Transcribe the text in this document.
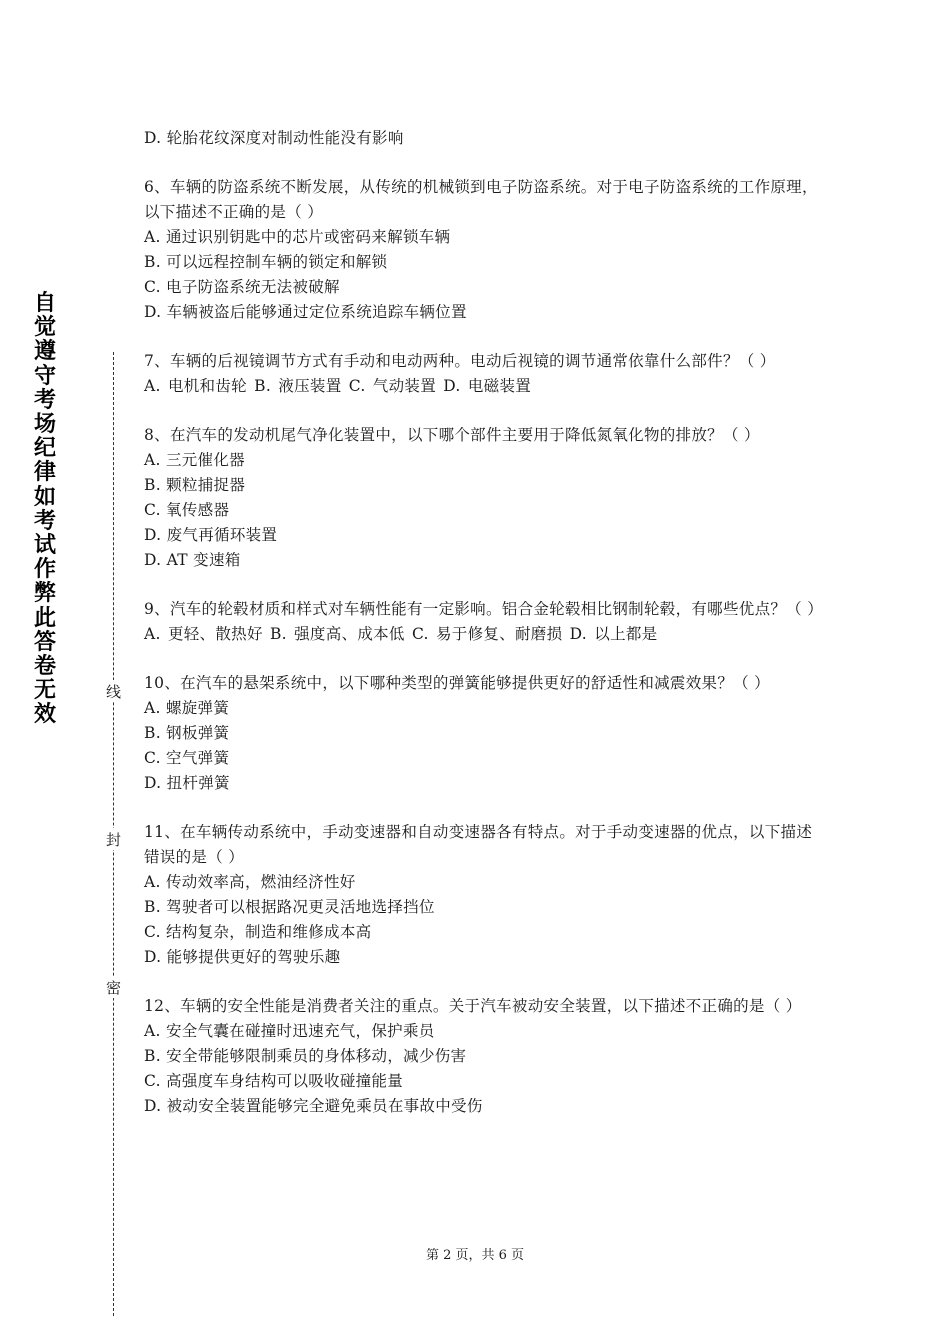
自觉遵守考场纪律如考试作弊此答卷无效
线
封
密

D. 轮胎花纹深度对制动性能没有影响

6、车辆的防盗系统不断发展，从传统的机械锁到电子防盗系统。对于电子防盗系统的工作原理，以下描述不正确的是（ ）

A. 通过识别钥匙中的芯片或密码来解锁车辆

B. 可以远程控制车辆的锁定和解锁

C. 电子防盗系统无法被破解

D. 车辆被盗后能够通过定位系统追踪车辆位置

7、车辆的后视镜调节方式有手动和电动两种。电动后视镜的调节通常依靠什么部件？（ ）

A. 电机和齿轮 B. 液压装置 C. 气动装置 D. 电磁装置

8、在汽车的发动机尾气净化装置中，以下哪个部件主要用于降低氮氧化物的排放？（ ）

A. 三元催化器

B. 颗粒捕捉器

C. 氧传感器

D. 废气再循环装置

D. AT 变速箱

9、汽车的轮毂材质和样式对车辆性能有一定影响。铝合金轮毂相比钢制轮毂，有哪些优点？（ ）

A. 更轻、散热好 B. 强度高、成本低 C. 易于修复、耐磨损 D. 以上都是

10、在汽车的悬架系统中，以下哪种类型的弹簧能够提供更好的舒适性和减震效果？（ ）

A. 螺旋弹簧

B. 钢板弹簧

C. 空气弹簧

D. 扭杆弹簧

11、在车辆传动系统中，手动变速器和自动变速器各有特点。对于手动变速器的优点，以下描述错误的是（ ）

A. 传动效率高，燃油经济性好

B. 驾驶者可以根据路况更灵活地选择挡位

C. 结构复杂，制造和维修成本高

D. 能够提供更好的驾驶乐趣

12、车辆的安全性能是消费者关注的重点。关于汽车被动安全装置，以下描述不正确的是（ ）

A. 安全气囊在碰撞时迅速充气，保护乘员

B. 安全带能够限制乘员的身体移动，减少伤害

C. 高强度车身结构可以吸收碰撞能量

D. 被动安全装置能够完全避免乘员在事故中受伤

第 2 页，共 6 页
